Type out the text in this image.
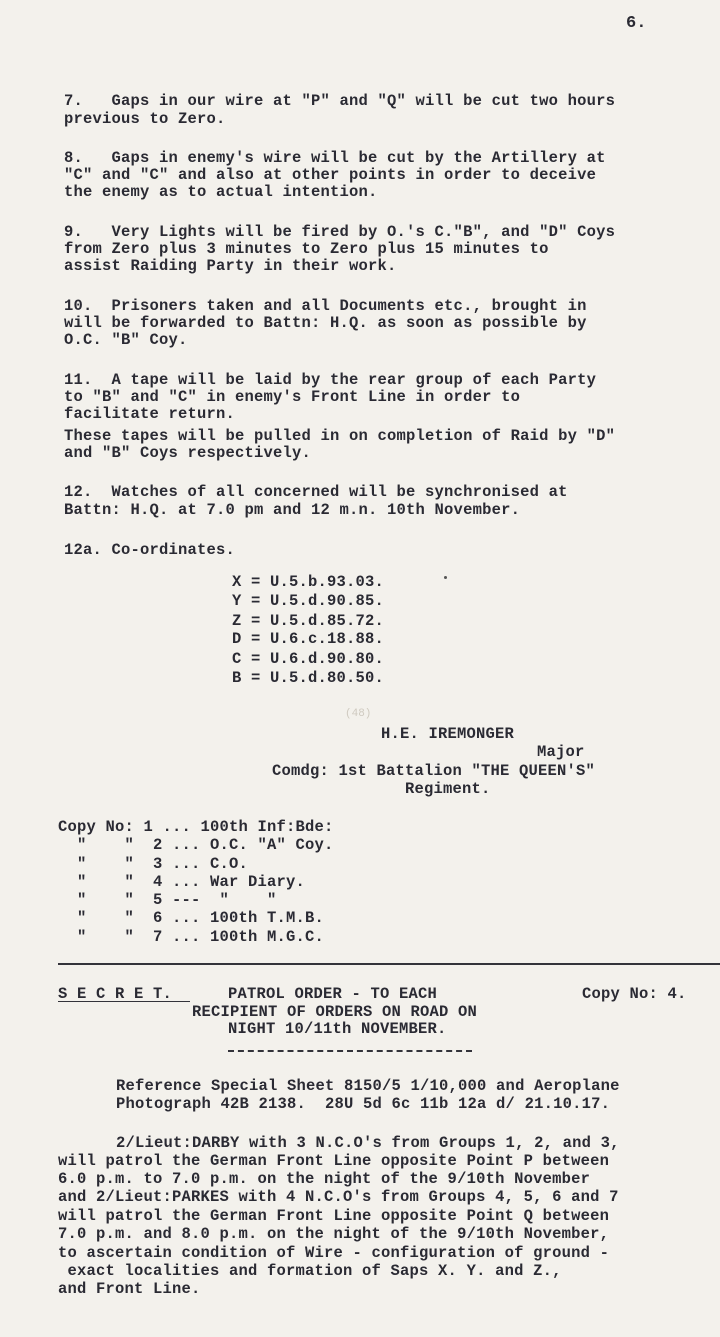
6.
7.   Gaps in our wire at "P" and "Q" will be cut two hours
previous to Zero.
8.   Gaps in enemy's wire will be cut by the Artillery at
"C" and "C" and also at other points in order to deceive
the enemy as to actual intention.
9.   Very Lights will be fired by O.'s C."B", and "D" Coys
from Zero plus 3 minutes to Zero plus 15 minutes to
assist Raiding Party in their work.
10.  Prisoners taken and all Documents etc., brought in
will be forwarded to Battn: H.Q. as soon as possible by
O.C. "B" Coy.
11.  A tape will be laid by the rear group of each Party
to "B" and "C" in enemy's Front Line in order to
facilitate return.
These tapes will be pulled in on completion of Raid by "D"
and "B" Coys respectively.
12.  Watches of all concerned will be synchronised at
Battn: H.Q. at 7.0 pm and 12 m.n. 10th November.
12a. Co-ordinates.
X = U.5.b.93.03.
Y = U.5.d.90.85.
Z = U.5.d.85.72.
D = U.6.c.18.88.
C = U.6.d.90.80.
B = U.5.d.80.50.
(48)
H.E. IREMONGER
Major
Comdg: 1st Battalion "THE QUEEN'S"
Regiment.
Copy No: 1 ... 100th Inf:Bde:
"    "  2 ... O.C. "A" Coy.
"    "  3 ... C.O.
"    "  4 ... War Diary.
"    "  5 ---  "    "
"    "  6 ... 100th T.M.B.
"    "  7 ... 100th M.G.C.
S E C R E T.	PATROL ORDER - TO EACH	Copy No: 4.
RECIPIENT OF ORDERS ON ROAD ON
NIGHT 10/11th NOVEMBER.
Reference Special Sheet 8150/5 1/10,000 and Aeroplane
Photograph 42B 2138.  28U 5d 6c 11b 12a d/ 21.10.17.
2/Lieut:DARBY with 3 N.C.O's from Groups 1, 2, and 3,
will patrol the German Front Line opposite Point P between
6.0 p.m. to 7.0 p.m. on the night of the 9/10th November
and 2/Lieut:PARKES with 4 N.C.O's from Groups 4, 5, 6 and 7
will patrol the German Front Line opposite Point Q between
7.0 p.m. and 8.0 p.m. on the night of the 9/10th November,
to ascertain condition of Wire - configuration of ground -
exact localities and formation of Saps X. Y. and Z.,
and Front Line.
